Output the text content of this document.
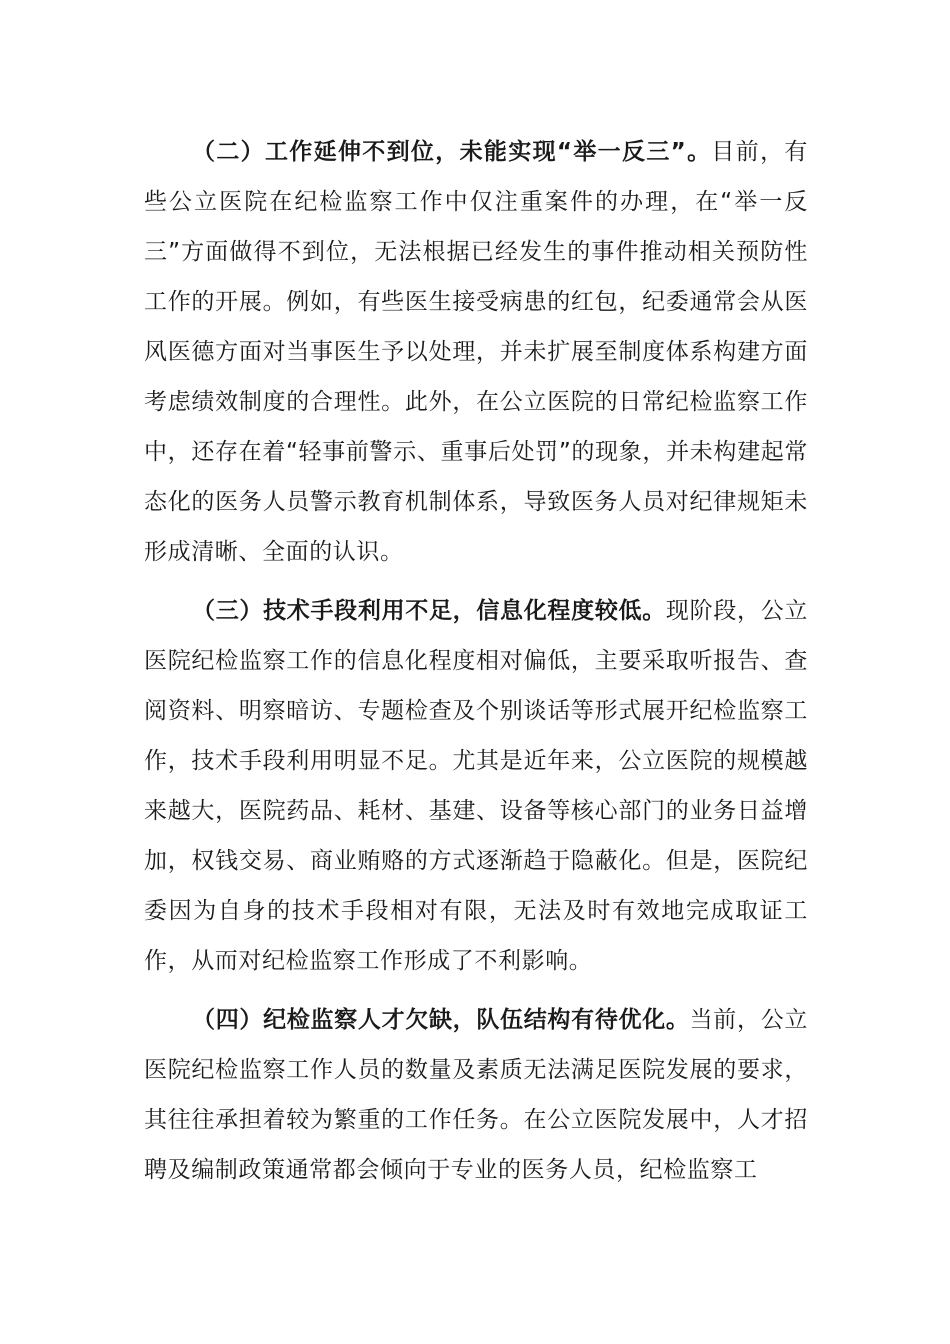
（二）工作延伸不到位，未能实现“举一反三”。目前，有些公立医院在纪检监察工作中仅注重案件的办理，在“举一反三”方面做得不到位，无法根据已经发生的事件推动相关预防性工作的开展。例如，有些医生接受病患的红包，纪委通常会从医风医德方面对当事医生予以处理，并未扩展至制度体系构建方面考虑绩效制度的合理性。此外，在公立医院的日常纪检监察工作中，还存在着“轻事前警示、重事后处罚”的现象，并未构建起常态化的医务人员警示教育机制体系，导致医务人员对纪律规矩未形成清晰、全面的认识。

（三）技术手段利用不足，信息化程度较低。现阶段，公立医院纪检监察工作的信息化程度相对偏低，主要采取听报告、查阅资料、明察暗访、专题检查及个别谈话等形式展开纪检监察工作，技术手段利用明显不足。尤其是近年来，公立医院的规模越来越大，医院药品、耗材、基建、设备等核心部门的业务日益增加，权钱交易、商业贿赂的方式逐渐趋于隐蔽化。但是，医院纪委因为自身的技术手段相对有限，无法及时有效地完成取证工作，从而对纪检监察工作形成了不利影响。

（四）纪检监察人才欠缺，队伍结构有待优化。当前，公立医院纪检监察工作人员的数量及素质无法满足医院发展的要求，其往往承担着较为繁重的工作任务。在公立医院发展中，人才招聘及编制政策通常都会倾向于专业的医务人员，纪检监察工
